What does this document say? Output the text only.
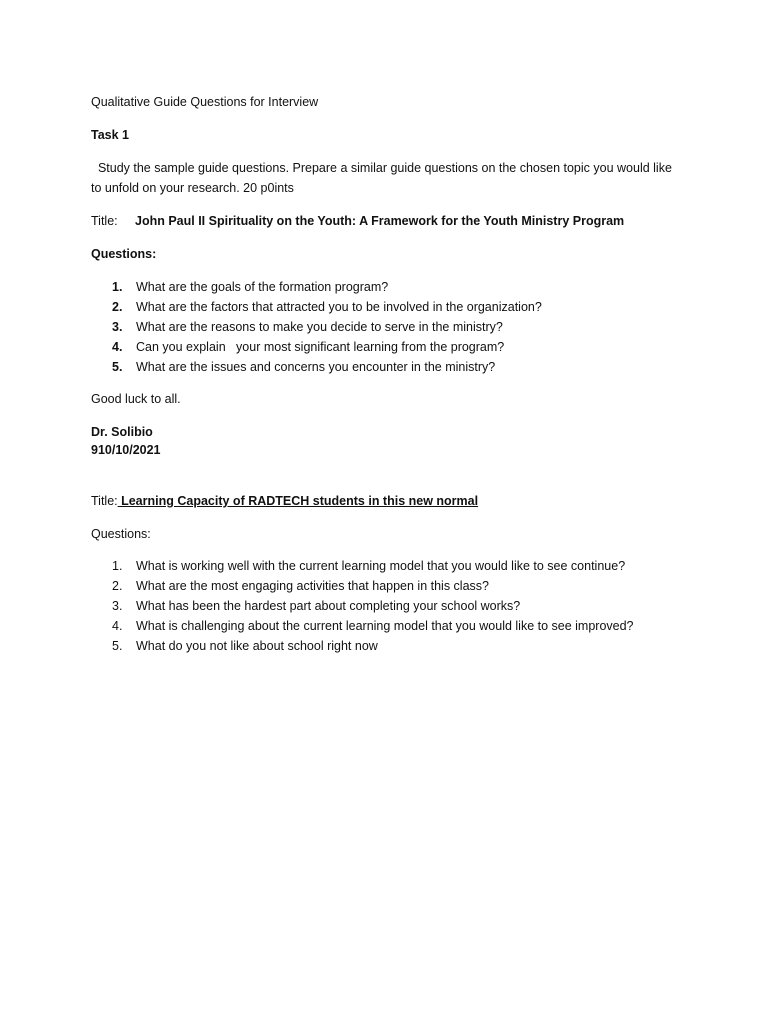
Qualitative Guide Questions for Interview
Task 1
Study the sample guide questions. Prepare a similar guide questions on the chosen topic you would like
to unfold on your research. 20 p0ints
Title: John Paul II Spirituality on the Youth: A Framework for the Youth Ministry Program
Questions:
1.	What are the goals of the formation program?
2.	What are the factors that attracted you to be involved in the organization?
3.	What are the reasons to make you decide to serve in the ministry?
4.	Can you explain   your most significant learning from the program?
5.	What are the issues and concerns you encounter in the ministry?
Good luck to all.
Dr. Solibio
910/10/2021
Title: Learning Capacity of RADTECH students in this new normal
Questions:
1.	What is working well with the current learning model that you would like to see continue?
2.	What are the most engaging activities that happen in this class?
3.	What has been the hardest part about completing your school works?
4.	What is challenging about the current learning model that you would like to see improved?
5.	What do you not like about school right now
